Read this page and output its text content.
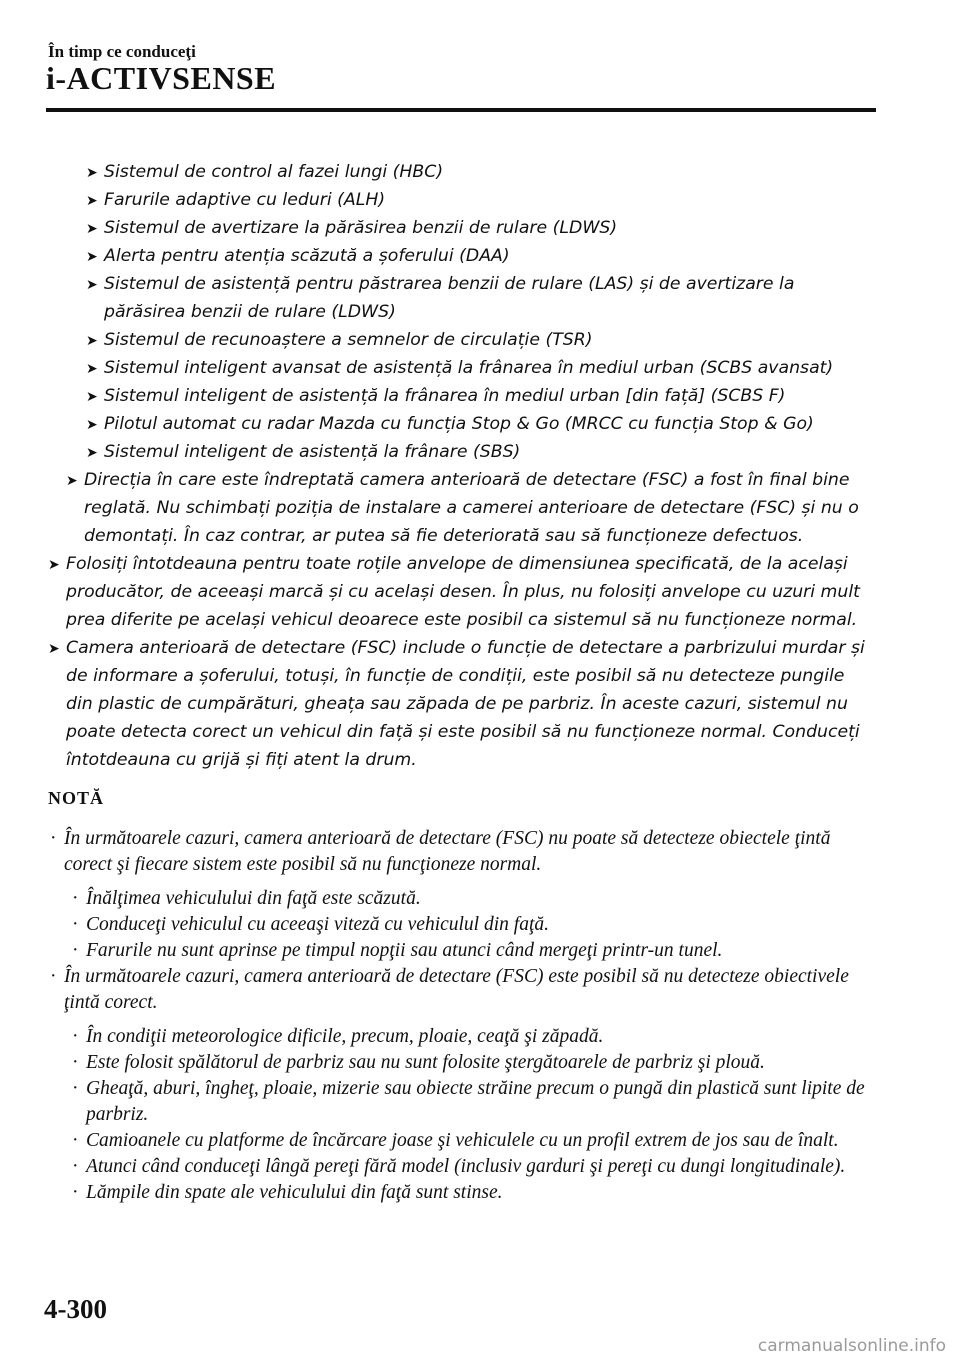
În timp ce conduceţi
i-ACTIVSENSE
➤ Sistemul de control al fazei lungi (HBC)
➤ Farurile adaptive cu leduri (ALH)
➤ Sistemul de avertizare la părăsirea benzii de rulare (LDWS)
➤ Alerta pentru atenția scăzută a șoferului (DAA)
➤ Sistemul de asistență pentru păstrarea benzii de rulare (LAS) și de avertizare la părăsirea benzii de rulare (LDWS)
➤ Sistemul de recunoaștere a semnelor de circulație (TSR)
➤ Sistemul inteligent avansat de asistență la frânarea în mediul urban (SCBS avansat)
➤ Sistemul inteligent de asistență la frânarea în mediul urban [din față] (SCBS F)
➤ Pilotul automat cu radar Mazda cu funcția Stop & Go (MRCC cu funcția Stop & Go)
➤ Sistemul inteligent de asistență la frânare (SBS)
➤ Direcția în care este îndreptată camera anterioară de detectare (FSC) a fost în final bine reglată. Nu schimbați poziția de instalare a camerei anterioare de detectare (FSC) și nu o demontați. În caz contrar, ar putea să fie deteriorată sau să funcționeze defectuos.
➤ Folosiți întotdeauna pentru toate roțile anvelope de dimensiunea specificată, de la același producător, de aceeași marcă și cu același desen. În plus, nu folosiți anvelope cu uzuri mult prea diferite pe același vehicul deoarece este posibil ca sistemul să nu funcționeze normal.
➤ Camera anterioară de detectare (FSC) include o funcție de detectare a parbrizului murdar și de informare a șoferului, totuși, în funcție de condiții, este posibil să nu detecteze pungile din plastic de cumpărături, gheața sau zăpada de pe parbriz. În aceste cazuri, sistemul nu poate detecta corect un vehicul din față și este posibil să nu funcționeze normal. Conduceți întotdeauna cu grijă și fiți atent la drum.
NOTĂ
· În următoarele cazuri, camera anterioară de detectare (FSC) nu poate să detecteze obiectele ţintă corect şi fiecare sistem este posibil să nu funcţioneze normal.
· Înălţimea vehiculului din faţă este scăzută.
· Conduceţi vehiculul cu aceeaşi viteză cu vehiculul din faţă.
· Farurile nu sunt aprinse pe timpul nopţii sau atunci când mergeţi printr-un tunel.
· În următoarele cazuri, camera anterioară de detectare (FSC) este posibil să nu detecteze obiectivele ţintă corect.
· În condiţii meteorologice dificile, precum, ploaie, ceaţă şi zăpadă.
· Este folosit spălătorul de parbriz sau nu sunt folosite ştergătoarele de parbriz şi plouă.
· Gheaţă, aburi, îngheţ, ploaie, mizerie sau obiecte străine precum o pungă din plastică sunt lipite de parbriz.
· Camioanele cu platforme de încărcare joase şi vehiculele cu un profil extrem de jos sau de înalt.
· Atunci când conduceţi lângă pereţi fără model (inclusiv garduri şi pereţi cu dungi longitudinale).
· Lămpile din spate ale vehiculului din faţă sunt stinse.
4-300
carmanualsonline.info
